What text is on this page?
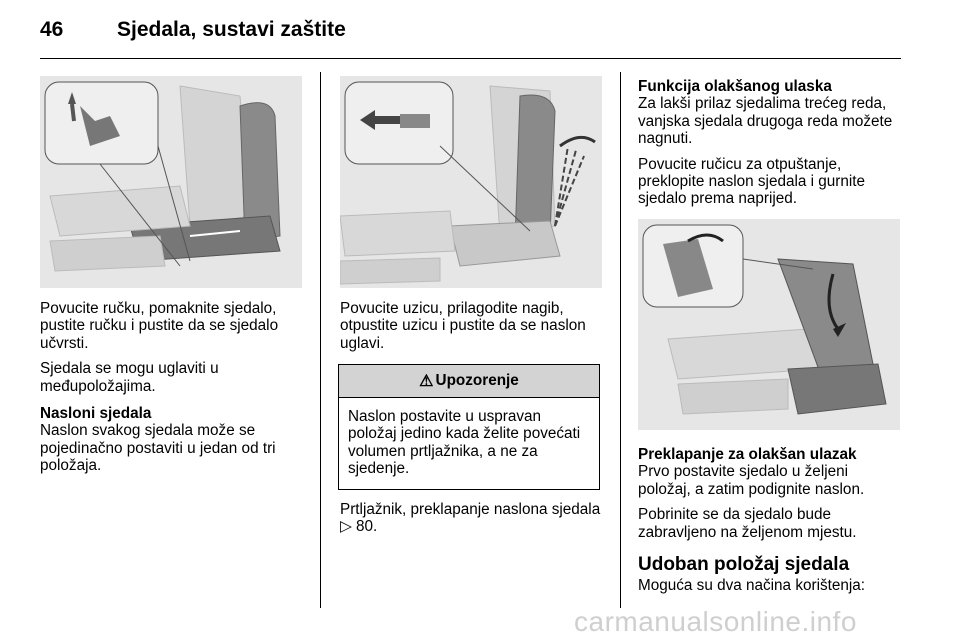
46	Sjedala, sustavi zaštite

Povucite ručku, pomaknite sjedalo, pustite ručku i pustite da se sjedalo učvrsti.

Sjedala se mogu uglaviti u međupoložajima.

Nasloni sjedala

Naslon svakog sjedala može se pojedinačno postaviti u jedan od tri položaja.

Povucite uzicu, prilagodite nagib, otpustite uzicu i pustite da se naslon uglavi.

⚠ Upozorenje
Naslon postavite u uspravan položaj jedino kada želite povećati volumen prtljažnika, a ne za sjedenje.

Prtljažnik, preklapanje naslona sjedala ▷ 80.

Funkcija olakšanog ulaska

Za lakši prilaz sjedalima trećeg reda, vanjska sjedala drugoga reda možete nagnuti.

Povucite ručicu za otpuštanje, preklopite naslon sjedala i gurnite sjedalo prema naprijed.

Preklapanje za olakšan ulazak

Prvo postavite sjedalo u željeni položaj, a zatim podignite naslon.

Pobrinite se da sjedalo bude zabravljeno na željenom mjestu.

Udoban položaj sjedala

Moguća su dva načina korištenja:

carmanualsonline.info
